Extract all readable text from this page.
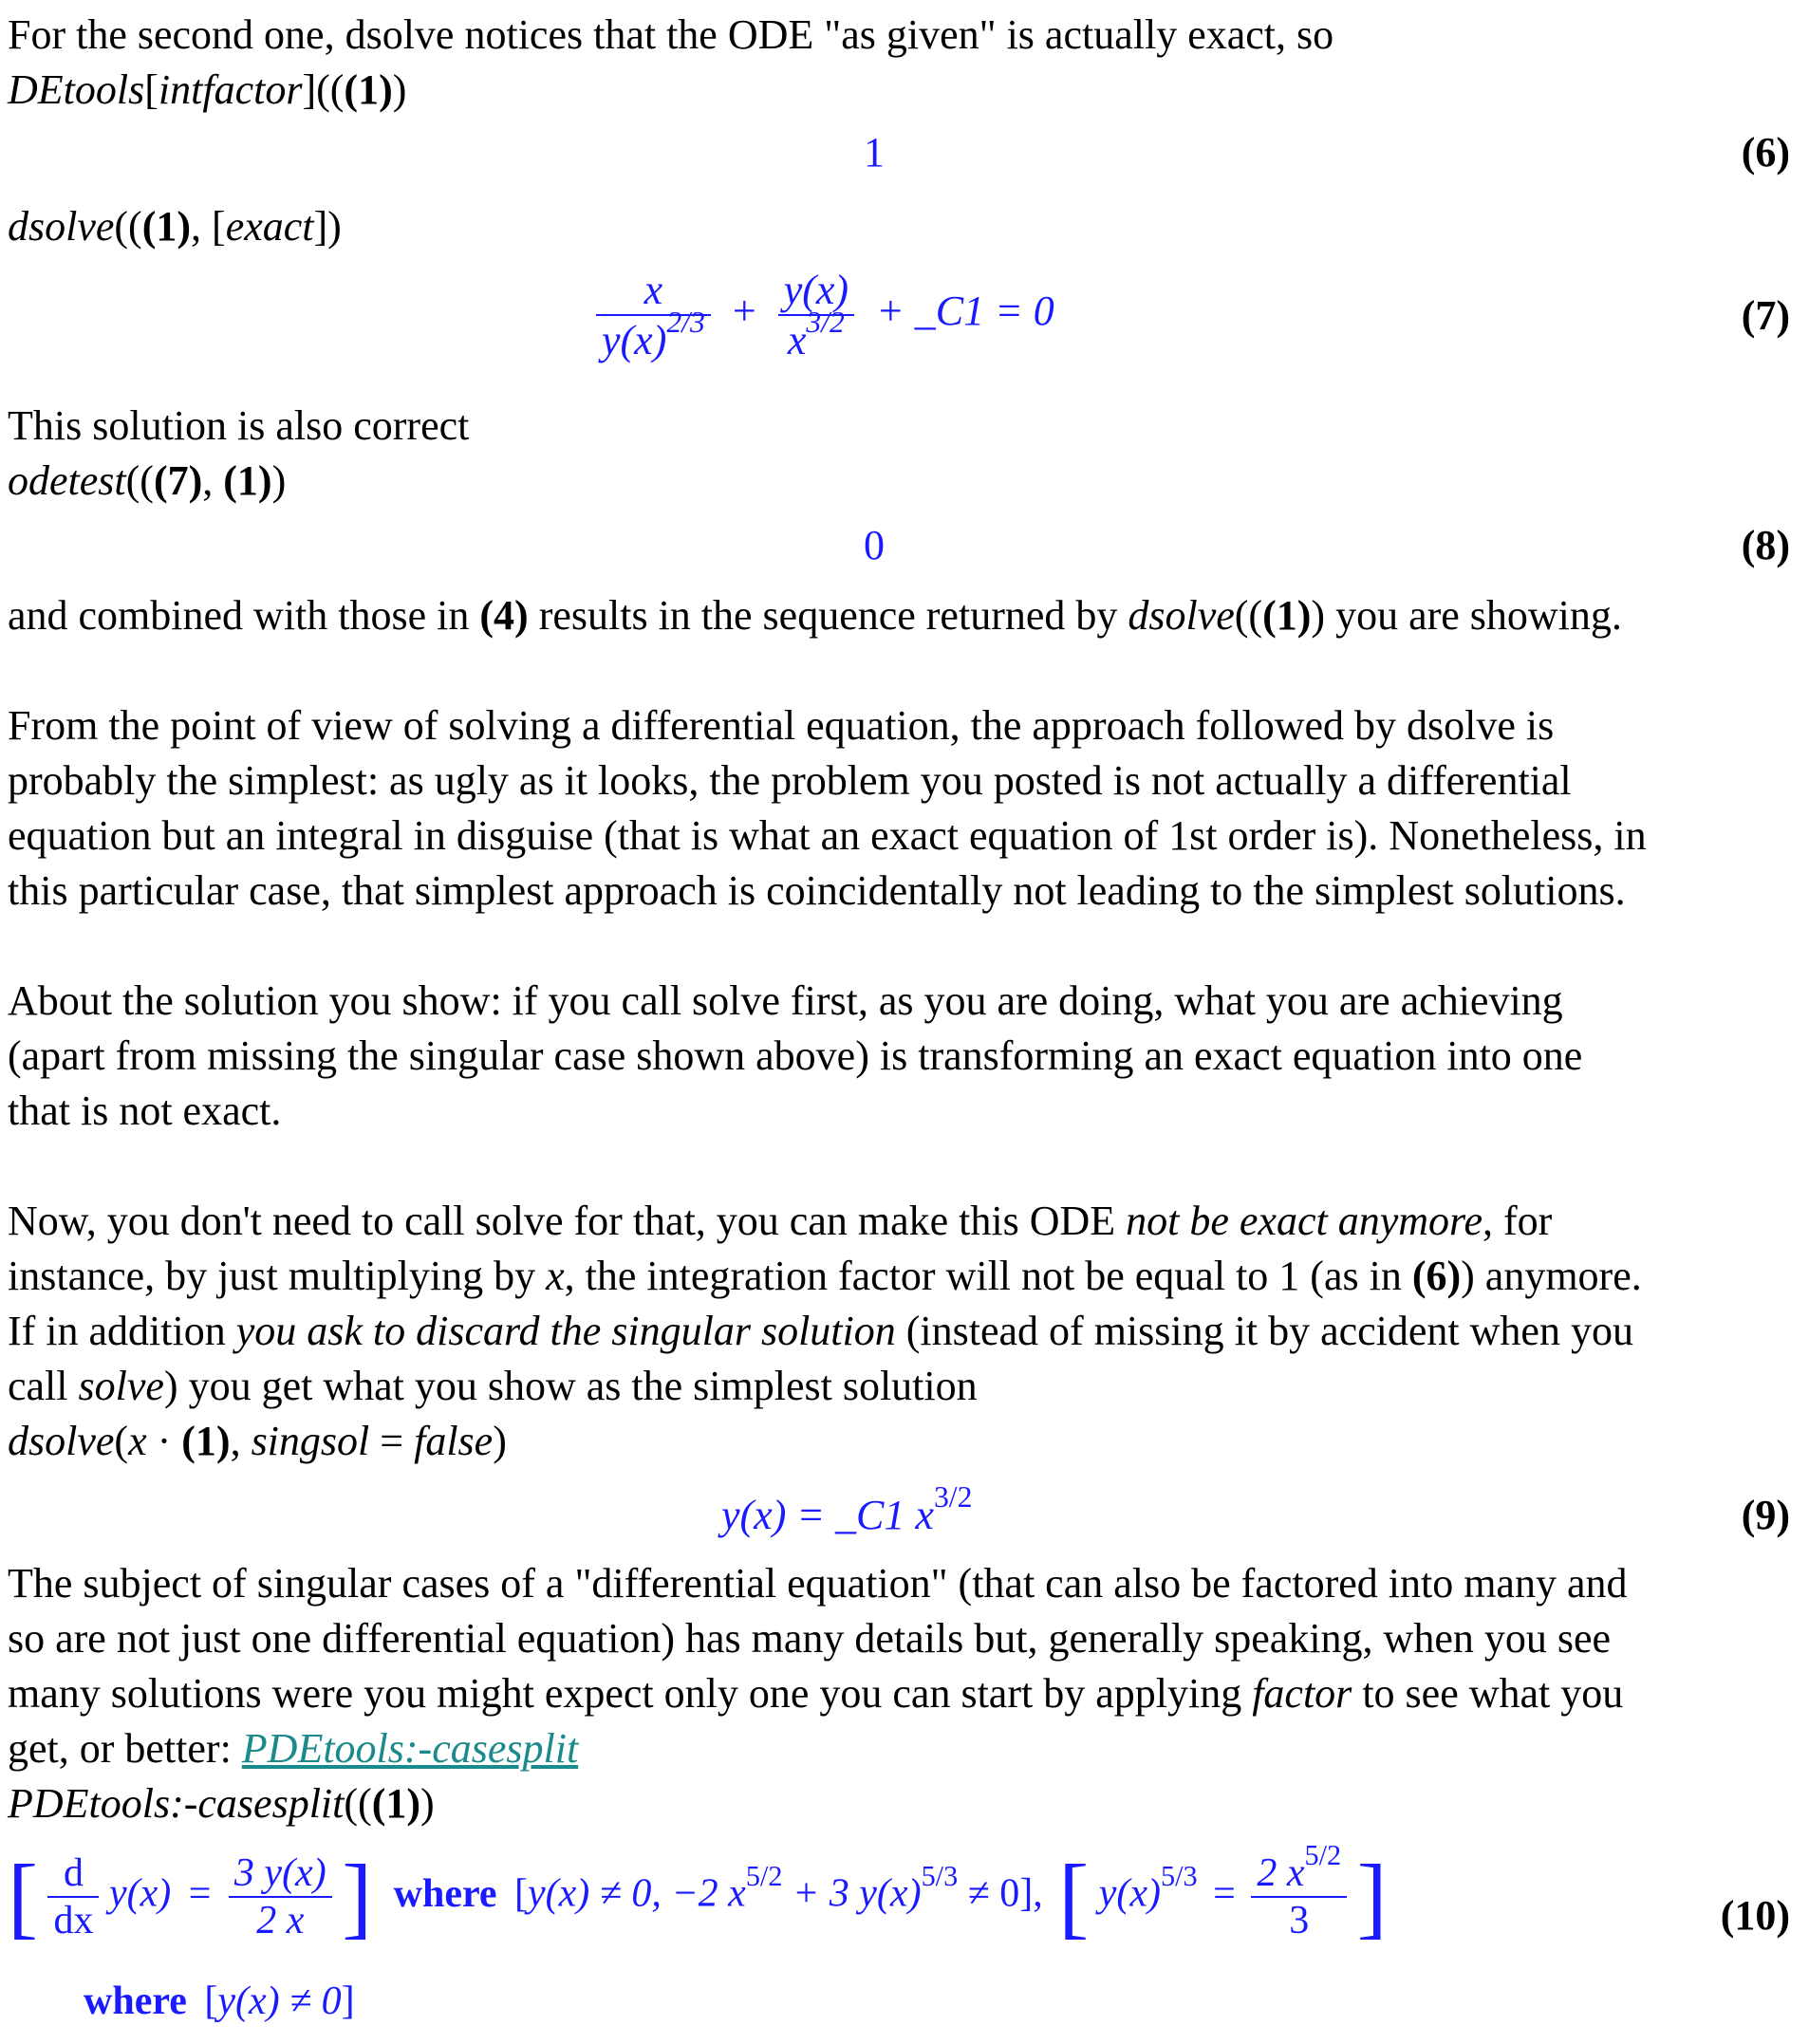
For the second one, dsolve notices that the ODE "as given" is actually exact, so
DEtools[intfactor](((1))
1	(6)
dsolve(((1), [exact])
$\frac{x}{y(x)^{2/3}} + \frac{y(x)}{x^{3/2}}$ + _C1 = 0	(7)
This solution is also correct
odetest(((7), (1))
0	(8)
and combined with those in (4) results in the sequence returned by dsolve(((1)) you are showing.
From the point of view of solving a differential equation, the approach followed by dsolve is
probably the simplest: as ugly as it looks, the problem you posted is not actually a differential
equation but an integral in disguise (that is what an exact equation of 1st order is). Nonetheless, in
this particular case, that simplest approach is coincidentally not leading to the simplest solutions.
About the solution you show: if you call solve first, as you are doing, what you are achieving
(apart from missing the singular case shown above) is transforming an exact equation into one
that is not exact.
Now, you don't need to call solve for that, you can make this ODE not be exact anymore, for
instance, by just multiplying by x, the integration factor will not be equal to 1 (as in (6)) anymore.
If in addition you ask to discard the singular solution (instead of missing it by accident when you
call solve) you get what you show as the simplest solution
dsolve(x · (1), singsol = false)
y(x) = _C1 $x^{3/2}$	(9)
The subject of singular cases of a "differential equation" (that can also be factored into many and
so are not just one differential equation) has many details but, generally speaking, when you see
many solutions were you might expect only one you can start by applying factor to see what you
get, or better: PDEtools:-casesplit
PDEtools:-casesplit(((1))
[ $\frac{d}{dx} y(x) = \frac{3 y(x)}{2 x}$ ] where [y(x) ≠ 0, −2 $x^{5/2} + 3$ $y(x)^{5/3} \ne 0$], [ $y(x)^{5/3} = \frac{2 x^{5/2}}{3}$ ]	(10)
where [y(x) ≠ 0]
